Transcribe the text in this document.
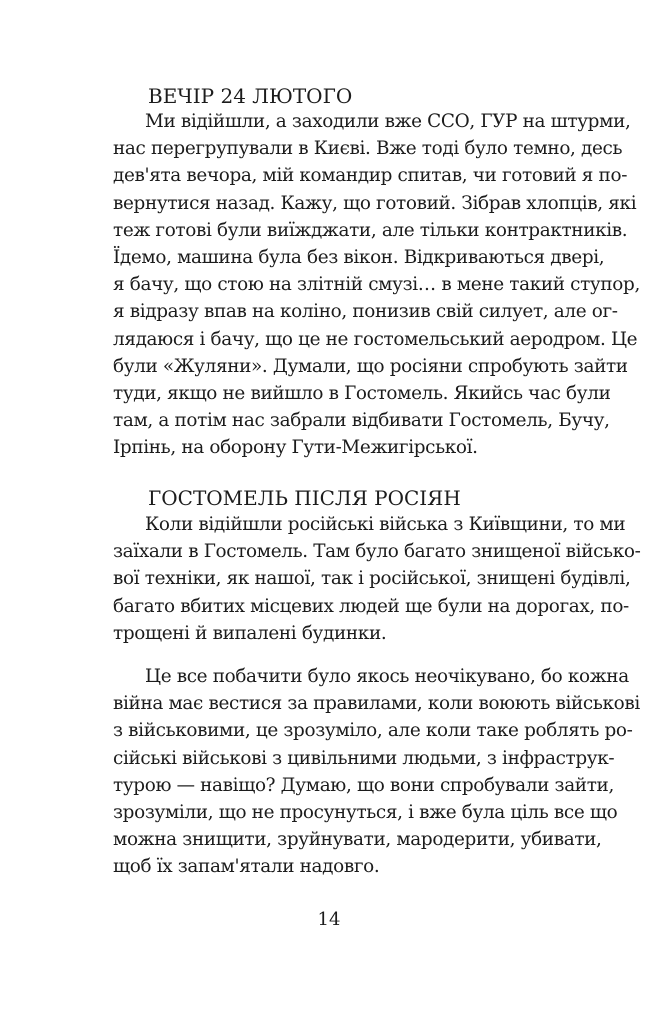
ВЕЧІР 24 ЛЮТОГО
Ми відійшли, а заходили вже ССО, ГУР на штурми,
нас перегрупували в Києві. Вже тоді було темно, десь
дев'ята вечора, мій командир спитав, чи готовий я по-
вернутися назад. Кажу, що готовий. Зібрав хлопців, які
теж готові були виїжджати, але тільки контрактників.
Їдемо, машина була без вікон. Відкриваються двері,
я бачу, що стою на злітній смузі… в мене такий ступор,
я відразу впав на коліно, понизив свій силует, але ог-
лядаюся і бачу, що це не гостомельський аеродром. Це
були «Жуляни». Думали, що росіяни спробують зайти
туди, якщо не вийшло в Гостомель. Якийсь час були
там, а потім нас забрали відбивати Гостомель, Бучу,
Ірпінь, на оборону Гути-Межигірської.
ГОСТОМЕЛЬ ПІСЛЯ РОСІЯН
Коли відійшли російські війська з Київщини, то ми
заїхали в Гостомель. Там було багато знищеної військо-
вої техніки, як нашої, так і російської, знищені будівлі,
багато вбитих місцевих людей ще були на дорогах, по-
трощені й випалені будинки.
Це все побачити було якось неочікувано, бо кожна
війна має вестися за правилами, коли воюють військові
з військовими, це зрозуміло, але коли таке роблять ро-
сійські військові з цивільними людьми, з інфраструк-
турою — навіщо? Думаю, що вони спробували зайти,
зрозуміли, що не просунуться, і вже була ціль все що
можна знищити, зруйнувати, мародерити, убивати,
щоб їх запам'ятали надовго.
14
